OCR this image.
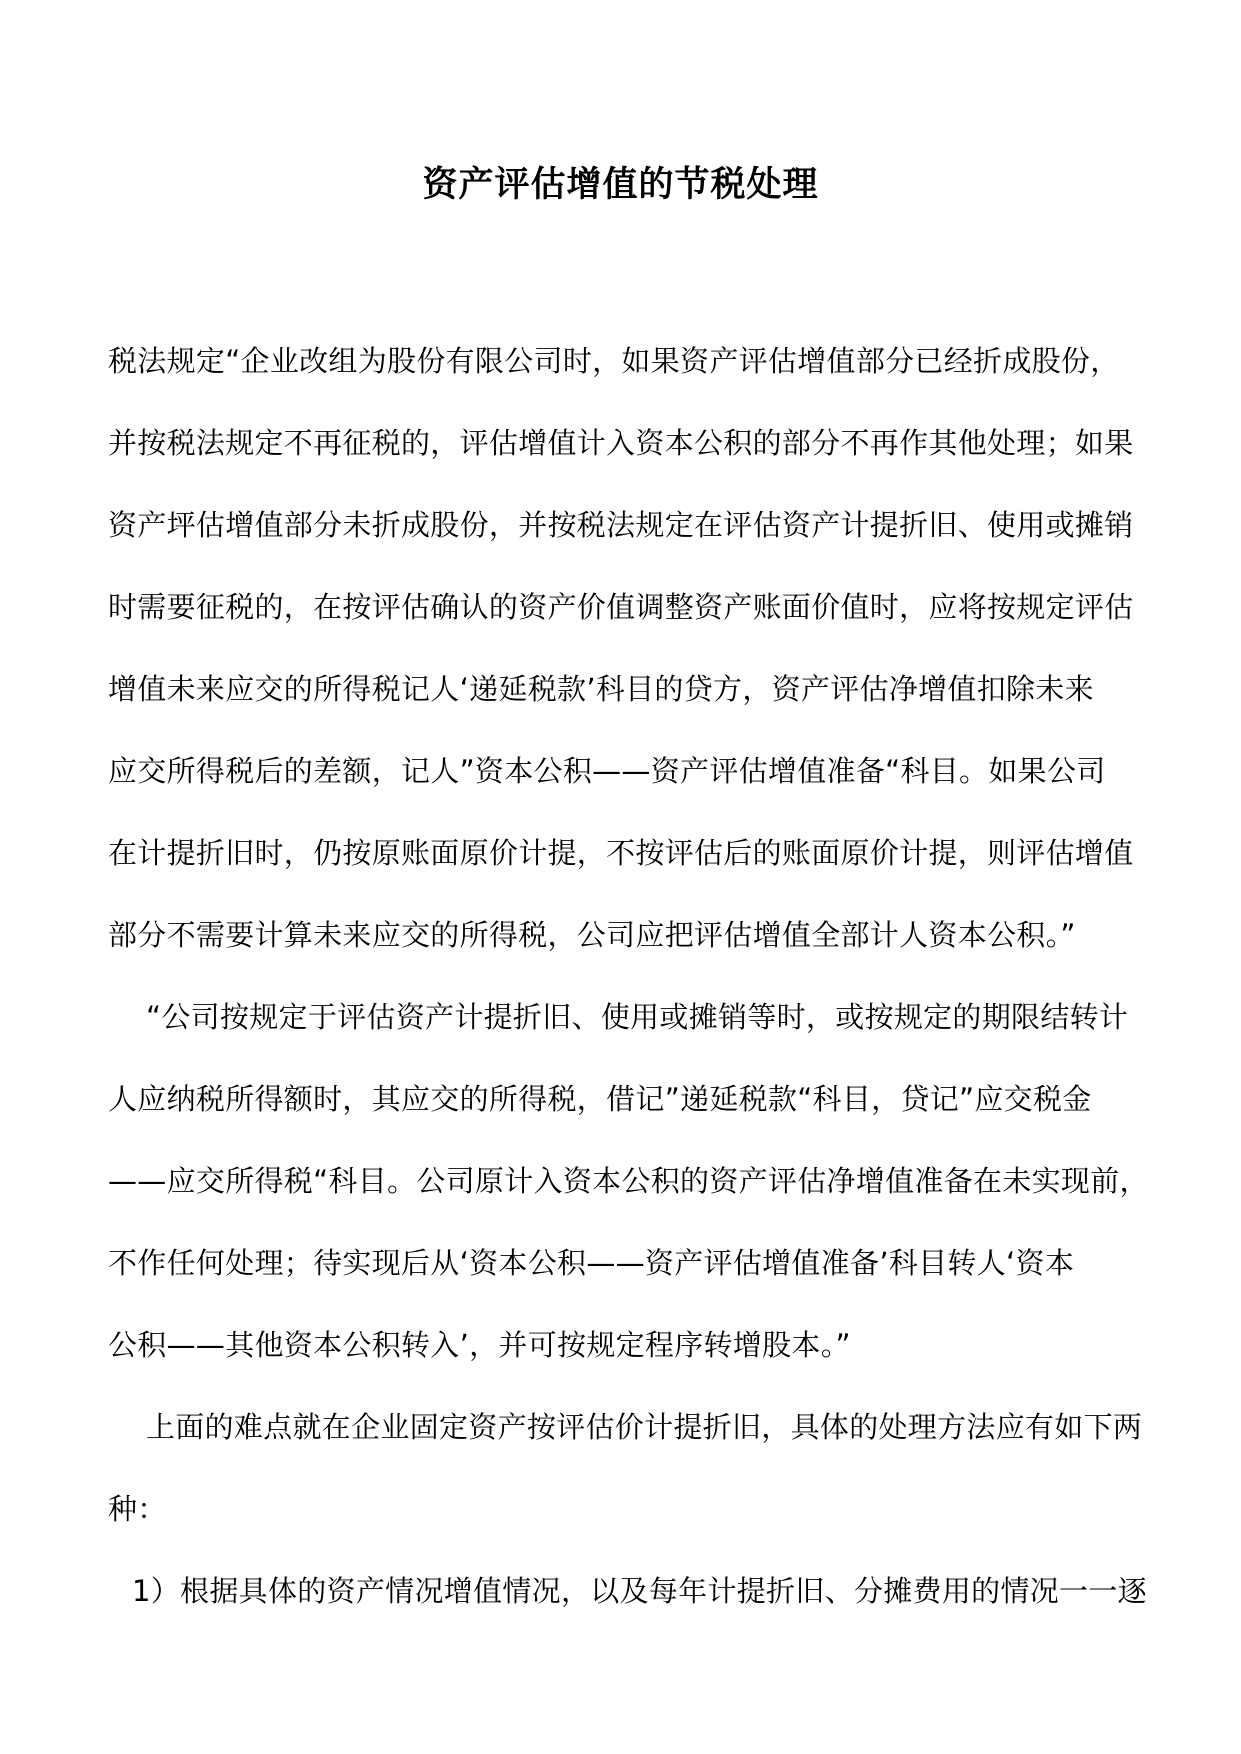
资产评估增值的节税处理
税法规定“企业改组为股份有限公司时，如果资产评估增值部分已经折成股份，
并按税法规定不再征税的，评估增值计入资本公积的部分不再作其他处理；如果
资产坪估增值部分未折成股份，并按税法规定在评估资产计提折旧、使用或摊销
时需要征税的，在按评估确认的资产价值调整资产账面价值时，应将按规定评估
增值未来应交的所得税记人‘递延税款’科目的贷方，资产评估净增值扣除未来
应交所得税后的差额，记人”资本公积——资产评估增值准备“科目。如果公司
在计提折旧时，仍按原账面原价计提，不按评估后的账面原价计提，则评估增值
部分不需要计算未来应交的所得税，公司应把评估增值全部计人资本公积。”
“公司按规定于评估资产计提折旧、使用或摊销等时，或按规定的期限结转计
人应纳税所得额时，其应交的所得税，借记”递延税款“科目，贷记”应交税金
——应交所得税“科目。公司原计入资本公积的资产评估净增值准备在未实现前，
不作任何处理；待实现后从‘资本公积——资产评估增值准备’科目转人‘资本
公积——其他资本公积转入’，并可按规定程序转增股本。”
上面的难点就在企业固定资产按评估价计提折旧，具体的处理方法应有如下两
种：
1）根据具体的资产情况增值情况，以及每年计提折旧、分摊费用的情况一一逐
